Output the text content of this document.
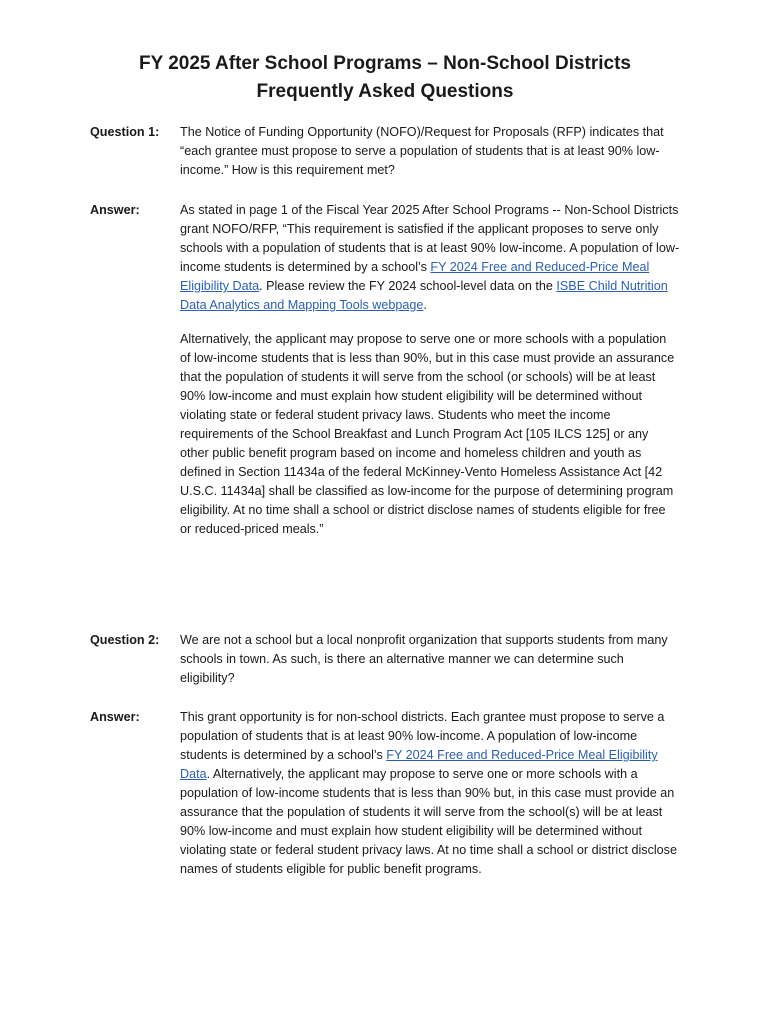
FY 2025 After School Programs – Non-School Districts
Frequently Asked Questions
Question 1:	The Notice of Funding Opportunity (NOFO)/Request for Proposals (RFP) indicates that “each grantee must propose to serve a population of students that is at least 90% low-income.” How is this requirement met?

Answer:	As stated in page 1 of the Fiscal Year 2025 After School Programs -- Non-School Districts grant NOFO/RFP, “This requirement is satisfied if the applicant proposes to serve only schools with a population of students that is at least 90% low-income. A population of low-income students is determined by a school’s FY 2024 Free and Reduced-Price Meal Eligibility Data. Please review the FY 2024 school-level data on the ISBE Child Nutrition Data Analytics and Mapping Tools webpage.

Alternatively, the applicant may propose to serve one or more schools with a population of low-income students that is less than 90%, but in this case must provide an assurance that the population of students it will serve from the school (or schools) will be at least 90% low-income and must explain how student eligibility will be determined without violating state or federal student privacy laws. Students who meet the income requirements of the School Breakfast and Lunch Program Act [105 ILCS 125] or any other public benefit program based on income and homeless children and youth as defined in Section 11434a of the federal McKinney-Vento Homeless Assistance Act [42 U.S.C. 11434a] shall be classified as low-income for the purpose of determining program eligibility. At no time shall a school or district disclose names of students eligible for free or reduced-priced meals.”

Question 2:	We are not a school but a local nonprofit organization that supports students from many schools in town. As such, is there an alternative manner we can determine such eligibility?

Answer:	This grant opportunity is for non-school districts. Each grantee must propose to serve a population of students that is at least 90% low-income. A population of low-income students is determined by a school’s FY 2024 Free and Reduced-Price Meal Eligibility Data. Alternatively, the applicant may propose to serve one or more schools with a population of low-income students that is less than 90% but, in this case must provide an assurance that the population of students it will serve from the school(s) will be at least 90% low-income and must explain how student eligibility will be determined without violating state or federal student privacy laws. At no time shall a school or district disclose names of students eligible for public benefit programs.
